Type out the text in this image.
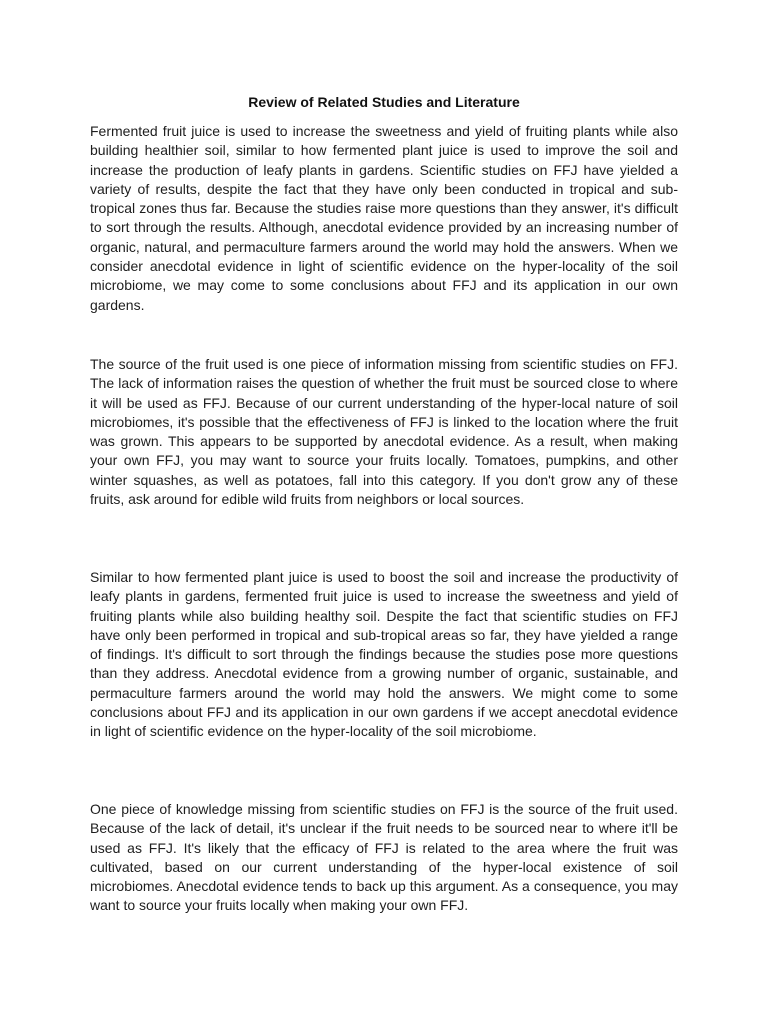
Review of Related Studies and Literature

Fermented fruit juice is used to increase the sweetness and yield of fruiting plants while also building healthier soil, similar to how fermented plant juice is used to improve the soil and increase the production of leafy plants in gardens. Scientific studies on FFJ have yielded a variety of results, despite the fact that they have only been conducted in tropical and sub-tropical zones thus far. Because the studies raise more questions than they answer, it's difficult to sort through the results. Although, anecdotal evidence provided by an increasing number of organic, natural, and permaculture farmers around the world may hold the answers. When we consider anecdotal evidence in light of scientific evidence on the hyper-locality of the soil microbiome, we may come to some conclusions about FFJ and its application in our own gardens.

The source of the fruit used is one piece of information missing from scientific studies on FFJ. The lack of information raises the question of whether the fruit must be sourced close to where it will be used as FFJ. Because of our current understanding of the hyper-local nature of soil microbiomes, it's possible that the effectiveness of FFJ is linked to the location where the fruit was grown. This appears to be supported by anecdotal evidence. As a result, when making your own FFJ, you may want to source your fruits locally. Tomatoes, pumpkins, and other winter squashes, as well as potatoes, fall into this category. If you don't grow any of these fruits, ask around for edible wild fruits from neighbors or local sources.

Similar to how fermented plant juice is used to boost the soil and increase the productivity of leafy plants in gardens, fermented fruit juice is used to increase the sweetness and yield of fruiting plants while also building healthy soil. Despite the fact that scientific studies on FFJ have only been performed in tropical and sub-tropical areas so far, they have yielded a range of findings. It's difficult to sort through the findings because the studies pose more questions than they address. Anecdotal evidence from a growing number of organic, sustainable, and permaculture farmers around the world may hold the answers. We might come to some conclusions about FFJ and its application in our own gardens if we accept anecdotal evidence in light of scientific evidence on the hyper-locality of the soil microbiome.

One piece of knowledge missing from scientific studies on FFJ is the source of the fruit used. Because of the lack of detail, it's unclear if the fruit needs to be sourced near to where it'll be used as FFJ. It's likely that the efficacy of FFJ is related to the area where the fruit was cultivated, based on our current understanding of the hyper-local existence of soil microbiomes. Anecdotal evidence tends to back up this argument. As a consequence, you may want to source your fruits locally when making your own FFJ.
